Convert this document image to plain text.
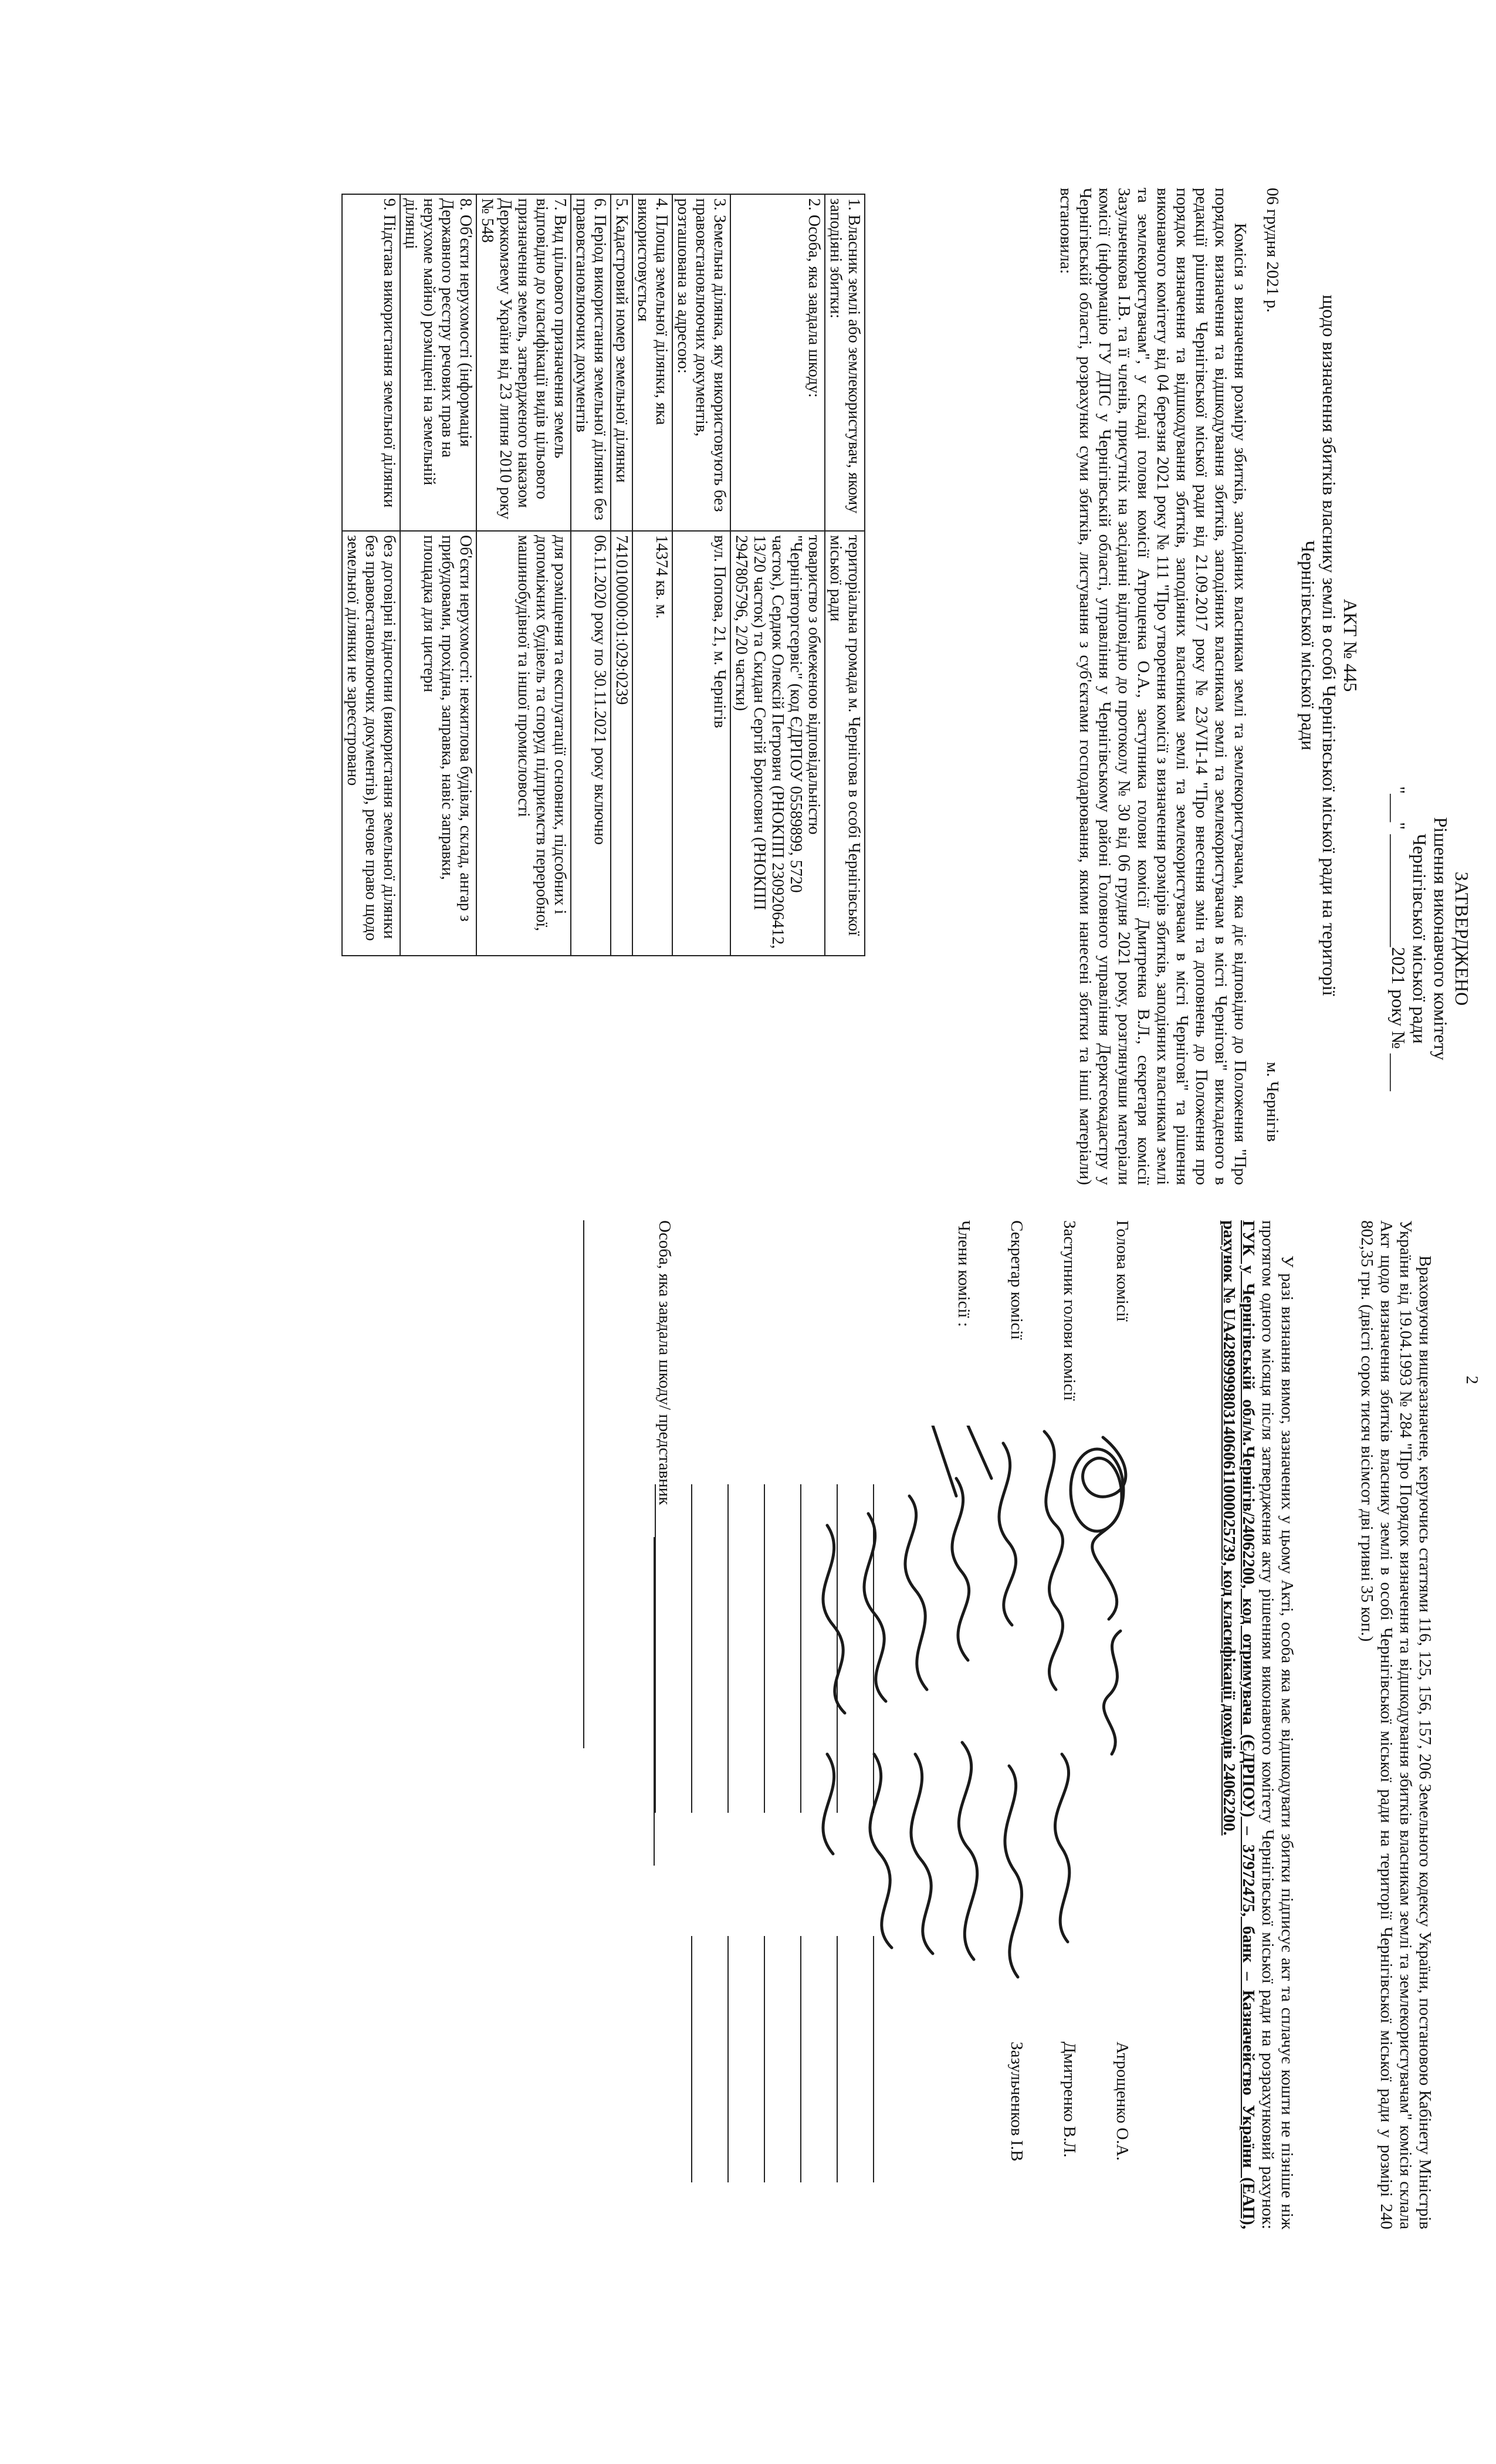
ЗАТВЕРДЖЕНО
Рішення виконавчого комітету
Чернігівської міської ради
"___" ____________2021 року № ____
АКТ № 445
щодо визначення збитків власнику землі в особі Чернігівської міської ради на території
Чернігівської міської ради
06 грудня 2021 р.
м. Чернігів

Комісія з визначення розміру збитків, заподіяних власникам землі та землекористувачам, яка діє відповідно до Положення "Про порядок визначення та відшкодування збитків, заподіяних власникам землі та землекористувачам в місті Чернігові" викладеного в редакції рішення Чернігівської міської ради від 21.09.2017 року № 23/VII-14 "Про внесення змін та доповнень до Положення про порядок визначення та відшкодування збитків, заподіяних власникам землі та землекористувачам в місті Чернігові" та рішення виконавчого комітету від 04 березня 2021 року № 111 "Про утворення комісії з визначення розмірів збитків, заподіяних власникам землі та землекористувачам", у складі голови комісії Атрощенка О.А., заступника голови комісії Дмитренка В.Л., секретаря комісії Зазульченкова І.В. та її членів, присутніх на засіданні відповідно до протоколу № 30 від 06 грудня 2021 року, розглянувши матеріали комісії (інформацію ГУ ДПС у Чернігівській області, управління у Чернігівському районі Головного управління Держгеокадастру у Чернігівській області, розрахунки суми збитків, листування з суб'єктами господарювання, якими нанесені збитки та інші матеріали) встановила:

1. Власник землі або землекористувач, якому заподіяні збитки:	територіальна громада м. Чернігова в особі Чернігівської міської ради
2. Особа, яка завдала шкоду:	товариство з обмеженою відповідальністю "Чернігівторгсервіс" (код ЄДРПОУ 05589899, 5720 часток), Сердюк Олексій Петрович (РНОКПП 2309206412, 13/20 часток) та Скидан Сергій Борисович (РНОКПП 2947805796, 2/20 частки)
3. Земельна ділянка, яку використовують без правовстановлюючих документів, розташована за адресою:	вул. Попова, 21, м. Чернігів
4. Площа земельної ділянки, яка використовується	14374 кв. м.
5. Кадастровий номер земельної ділянки	7410100000:01:029:0239
6. Період використання земельної ділянки без правовстановлюючих документів	06.11.2020 року по 30.11.2021 року включно
7. Вид цільового призначення земель відповідно до класифікації видів цільового призначення земель, затвердженого наказом Держкомзему України від 23 липня 2010 року № 548	для розміщення та експлуатації основних, підсобних і допоміжних будівель та споруд підприємств переробної, машинобудівної та іншої промисловості
8. Об'єкти нерухомості (інформація Державного реєстру речових прав на нерухоме майно) розміщені на земельній ділянці	Об'єкти нерухомості: нежитлова будівля, склад, ангар з прибудовами, прохідна, заправка, навіс заправки, площадка для цистерн
9. Підстава використання земельної ділянки	без договірні відносини (використання земельної ділянки без правовстановлюючих документів), речове право щодо земельної ділянки не зареєстровано
2

Враховуючи вищезазначене, керуючись статтями 116, 125, 156, 157, 206 Земельного кодексу України, постановою Кабінету Міністрів України від 19.04.1993 № 284 "Про Порядок визначення та відшкодування збитків власникам землі та землекористувачам" комісія склала Акт щодо визначення збитків власнику землі в особі Чернігівської міської ради на території Чернігівської міської ради у розмірі 240 802,35 грн. (двісті сорок тисяч вісімсот дві гривні 35 коп.)

У разі визнання вимог, зазначених у цьому Акті, особа яка має відшкодувати збитки підписує акт та сплачує кошти не пізніше ніж протягом одного місяця після затвердження акту рішенням виконавчого комітету Чернігівської міської ради на розрахунковий рахунок: ГУК у Чернігівській обл/м.Чернігів/24062200, код отримувача (ЄДРПОУ) – 37972475, банк – Казначейство України (ЕАП), рахунок № UA428999980314060611000025739, код класифікації доходів 24062200.
Голова комісії
Атрощенко О.А.
Заступник голови комісії
Дмитренко В.Л.
Секретар комісії
Зазульченков І.В
Члени комісії :
Особа, яка завдала шкоду/ представник
